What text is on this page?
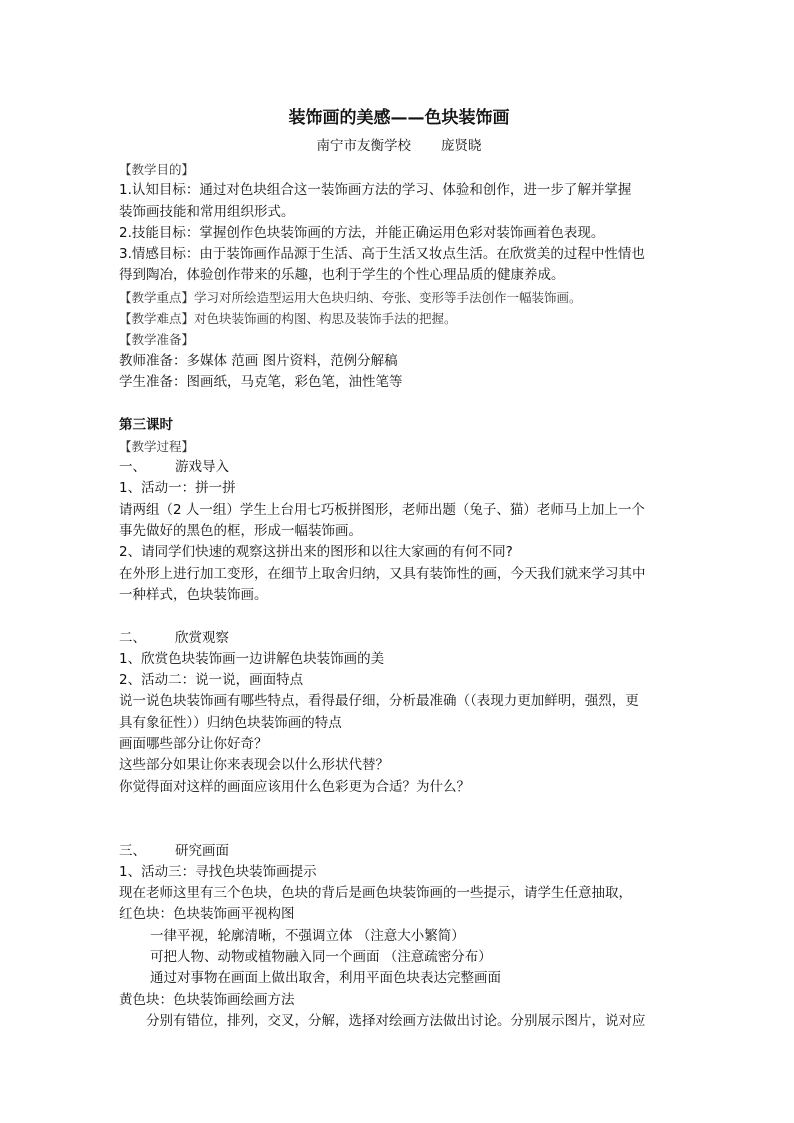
装饰画的美感——色块装饰画
南宁市友衡学校 庞贤晓
【教学目的】
1.认知目标：通过对色块组合这一装饰画方法的学习、体验和创作，进一步了解并掌握
装饰画技能和常用组织形式。
2.技能目标：掌握创作色块装饰画的方法，并能正确运用色彩对装饰画着色表现。
3.情感目标：由于装饰画作品源于生活、高于生活又妆点生活。在欣赏美的过程中性情也
得到陶冶，体验创作带来的乐趣，也利于学生的个性心理品质的健康养成。
【教学重点】学习对所绘造型运用大色块归纳、夸张、变形等手法创作一幅装饰画。
【教学难点】对色块装饰画的构图、构思及装饰手法的把握。
【教学准备】
教师准备：多媒体 范画 图片资料，范例分解稿
学生准备：图画纸，马克笔，彩色笔，油性笔等
第三课时
【教学过程】
一、 游戏导入
1、活动一：拼一拼
请两组（2 人一组）学生上台用七巧板拼图形，老师出题（兔子、猫）老师马上加上一个
事先做好的黑色的框，形成一幅装饰画。
2、请同学们快速的观察这拼出来的图形和以往大家画的有何不同?
在外形上进行加工变形，在细节上取舍归纳，又具有装饰性的画，今天我们就来学习其中
一种样式，色块装饰画。
二、 欣赏观察
1、欣赏色块装饰画一边讲解色块装饰画的美
2、活动二：说一说，画面特点
说一说色块装饰画有哪些特点，看得最仔细，分析最准确（（表现力更加鲜明，强烈，更
具有象征性））归纳色块装饰画的特点
画面哪些部分让你好奇？
这些部分如果让你来表现会以什么形状代替？
你觉得面对这样的画面应该用什么色彩更为合适？为什么？
三、 研究画面
1、活动三：寻找色块装饰画提示
现在老师这里有三个色块，色块的背后是画色块装饰画的一些提示，请学生任意抽取，
红色块：色块装饰画平视构图
一律平视，轮廓清晰，不强调立体 （注意大小繁简）
可把人物、动物或植物融入同一个画面 （注意疏密分布）
通过对事物在画面上做出取舍，利用平面色块表达完整画面
黄色块：色块装饰画绘画方法
分别有错位，排列，交叉，分解，选择对绘画方法做出讨论。分别展示图片，说对应
